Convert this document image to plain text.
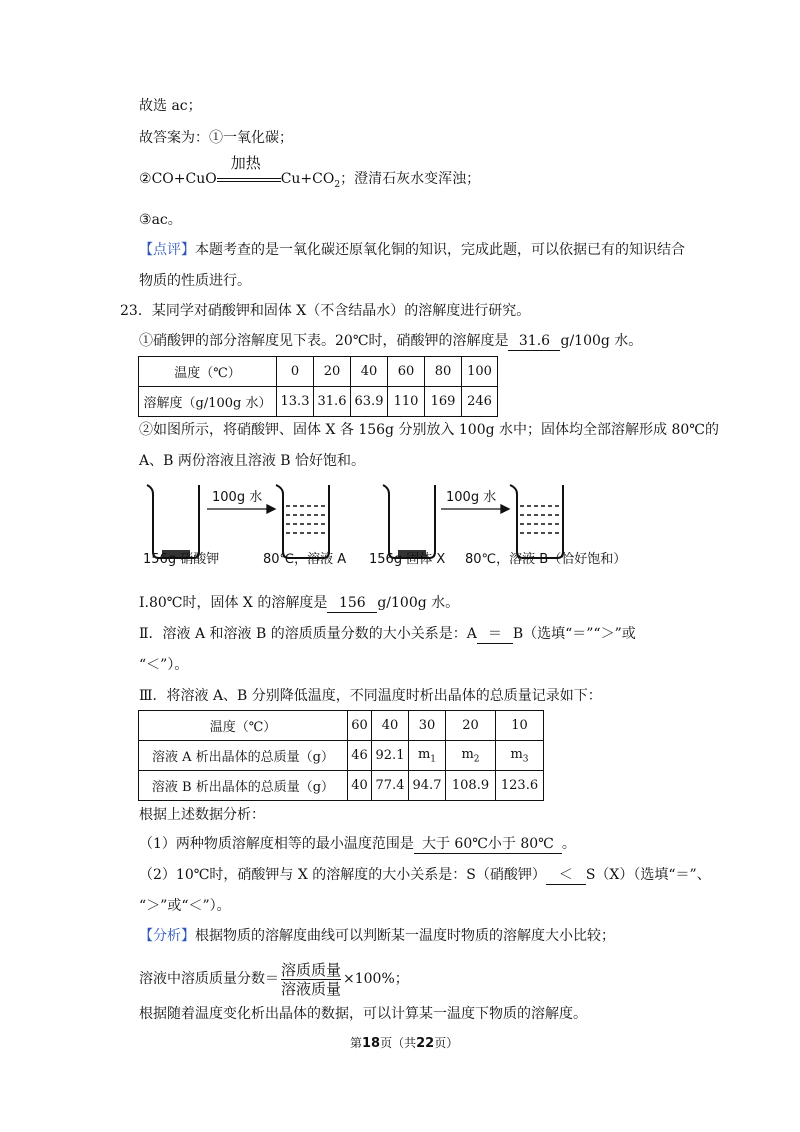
故选 ac；
故答案为：①一氧化碳；
②CO+CuO
加热
$Cu+CO_2$；澄清石灰水变浑浊；
③ac。
【点评】本题考查的是一氧化碳还原氧化铜的知识，完成此题，可以依据已有的知识结合
物质的性质进行。
23．某同学对硝酸钾和固体 X（不含结晶水）的溶解度进行研究。
①硝酸钾的部分溶解度见下表。20℃时，硝酸钾的溶解度是 31.6 g/100g 水。
温度（℃）	0	20	40	60	80	100
溶解度（g/100g 水）	13.3	31.6	63.9	110	169	246
②如图所示，将硝酸钾、固体 X 各 156g 分别放入 100g 水中；固体均全部溶解形成 80℃的
A、B 两份溶液且溶液 B 恰好饱和。
100g 水	100g 水
156g 硝酸钾	80℃，溶液 A 156g 固体 X 80℃，溶液 B（恰好饱和）
Ⅰ.80℃时，固体 X 的溶解度是 156 g/100g 水。
Ⅱ．溶液 A 和溶液 B 的溶质质量分数的大小关系是：A ＝ B（选填“＝”“＞”或
“＜”）。
Ⅲ．将溶液 A、B 分别降低温度，不同温度时析出晶体的总质量记录如下：
温度（℃）	60	40	30	20	10
溶液 A 析出晶体的总质量（g）	46	92.1	$m_1$	$m_2$	$m_3$
溶液 B 析出晶体的总质量（g）	40	77.4	94.7	108.9	123.6
根据上述数据分析：
（1）两种物质溶解度相等的最小温度范围是 大于 60℃小于 80℃ 。
（2）10℃时，硝酸钾与 X 的溶解度的大小关系是：S（硝酸钾） ＜ S（X）（选填“＝”、
“＞”或“＜”）。
【分析】根据物质的溶解度曲线可以判断某一温度时物质的溶解度大小比较；
溶液中溶质质量分数＝ $\frac{\text{溶质质量}}{\text{溶液质量}} \times 100\%$；
根据随着温度变化析出晶体的数据，可以计算某一温度下物质的溶解度。
第18页（共22页）
